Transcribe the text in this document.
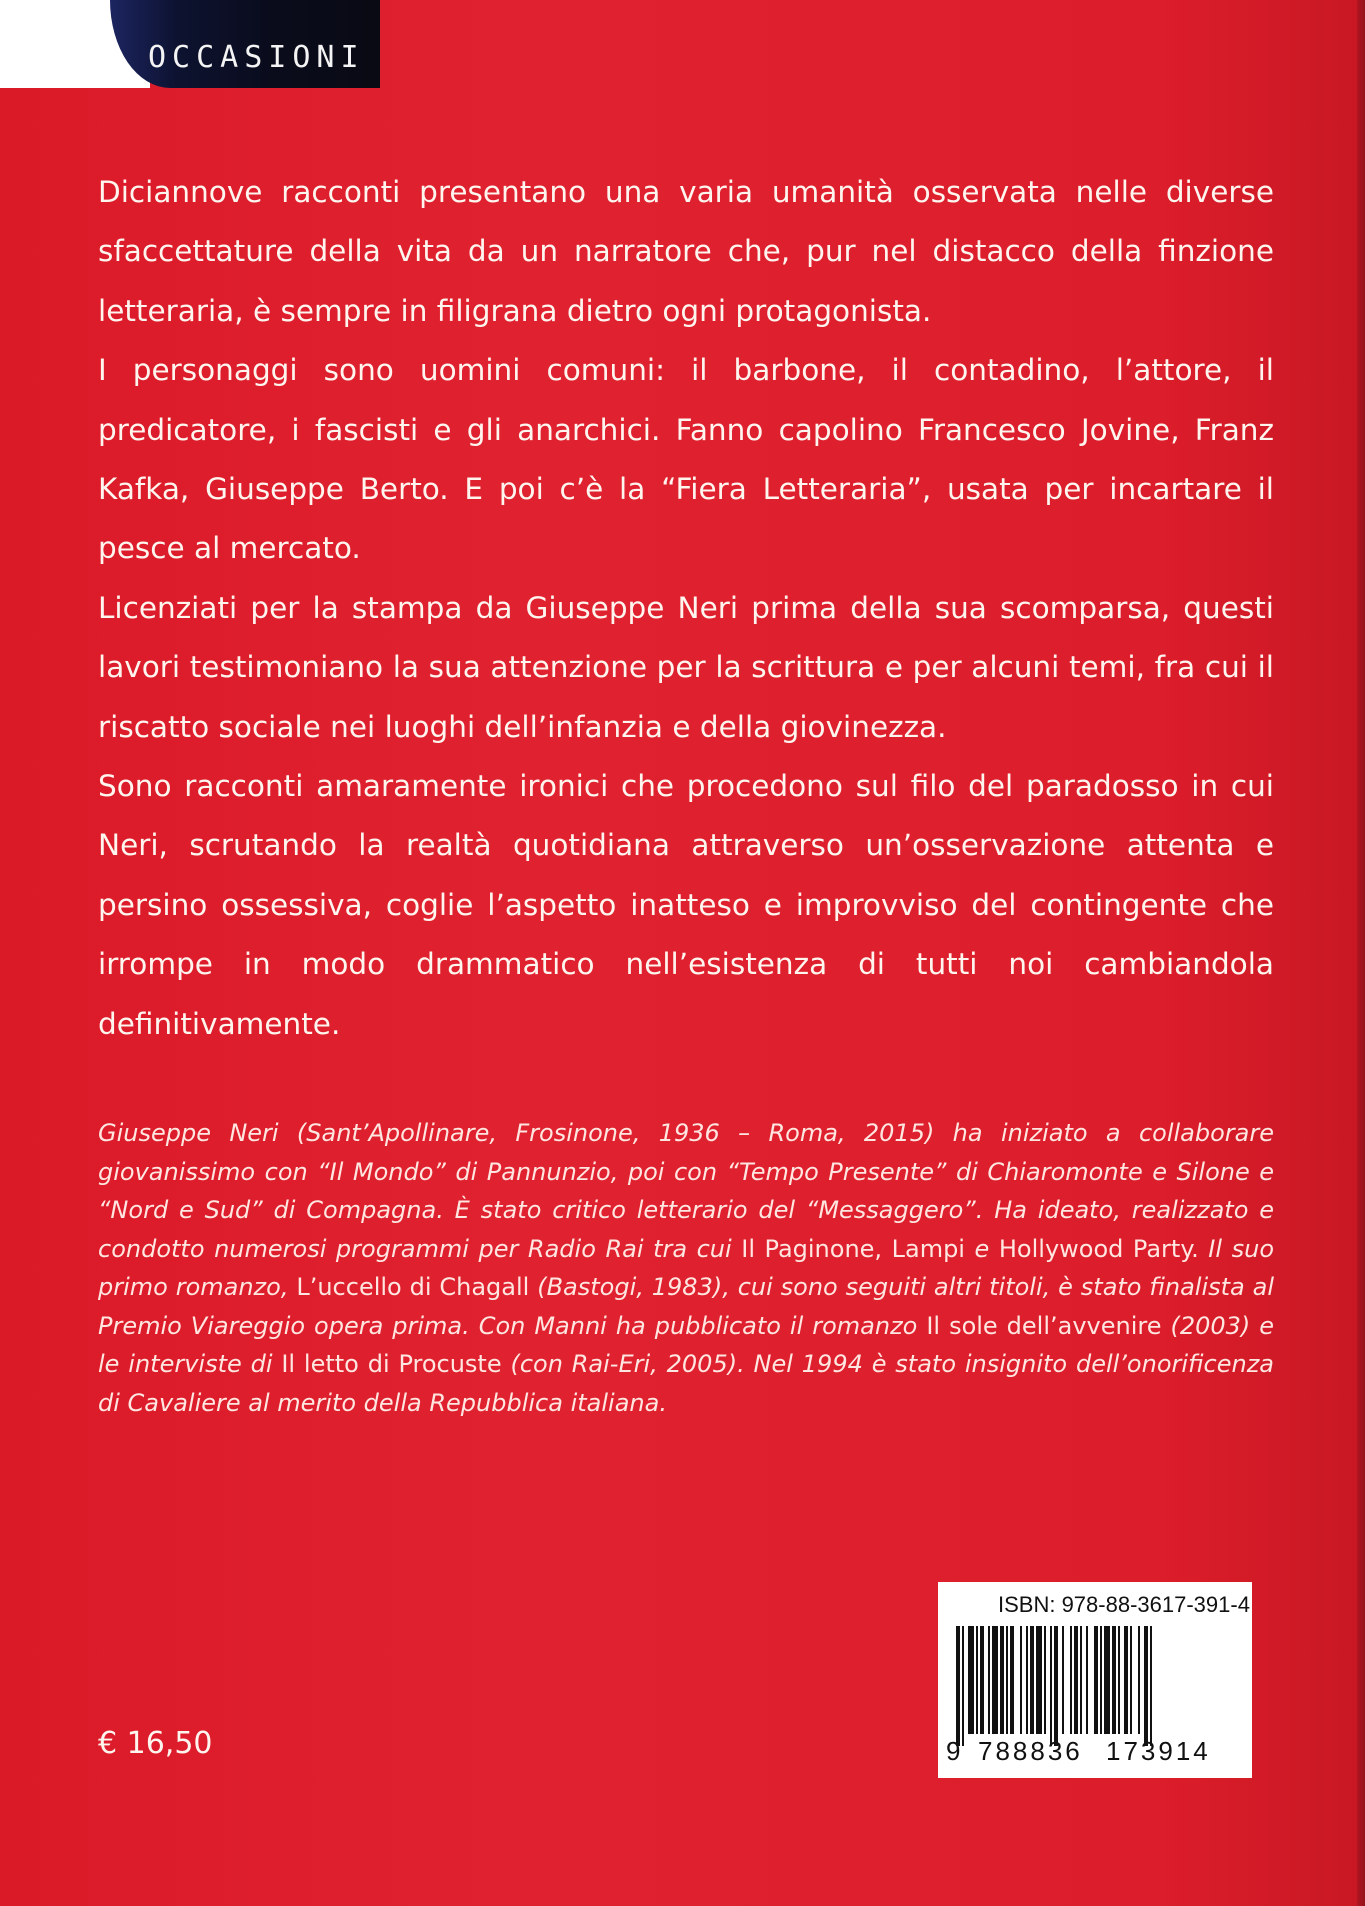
OCCASIONI

Diciannove racconti presentano una varia umanità osservata nelle diverse sfaccettature della vita da un narratore che, pur nel distacco della finzione letteraria, è sempre in filigrana dietro ogni protagonista.

I personaggi sono uomini comuni: il barbone, il contadino, l’attore, il predicatore, i fascisti e gli anarchici. Fanno capolino Francesco Jovine, Franz Kafka, Giuseppe Berto. E poi c’è la “Fiera Letteraria”, usata per incartare il pesce al mercato.

Licenziati per la stampa da Giuseppe Neri prima della sua scomparsa, questi lavori testimoniano la sua attenzione per la scrittura e per alcuni temi, fra cui il riscatto sociale nei luoghi dell’infanzia e della giovinezza.

Sono racconti amaramente ironici che procedono sul filo del paradosso in cui Neri, scrutando la realtà quotidiana attraverso un’osservazione attenta e persino ossessiva, coglie l’aspetto inatteso e improvviso del contingente che irrompe in modo drammatico nell’esistenza di tutti noi cambiandola definitivamente.

Giuseppe Neri (Sant’Apollinare, Frosinone, 1936 – Roma, 2015) ha iniziato a collaborare giovanissimo con “Il Mondo” di Pannunzio, poi con “Tempo Presente” di Chiaromonte e Silone e “Nord e Sud” di Compagna. È stato critico letterario del “Messaggero”. Ha ideato, realizzato e condotto numerosi programmi per Radio Rai tra cui Il Paginone, Lampi e Hollywood Party. Il suo primo romanzo, L’uccello di Chagall (Bastogi, 1983), cui sono seguiti altri titoli, è stato finalista al Premio Viareggio opera prima. Con Manni ha pubblicato il romanzo Il sole dell’avvenire (2003) e le interviste di Il letto di Procuste (con Rai-Eri, 2005). Nel 1994 è stato insignito dell’onorificenza di Cavaliere al merito della Repubblica italiana.
€ 16,50
ISBN: 978-88-3617-391-4
9 788836 173914
